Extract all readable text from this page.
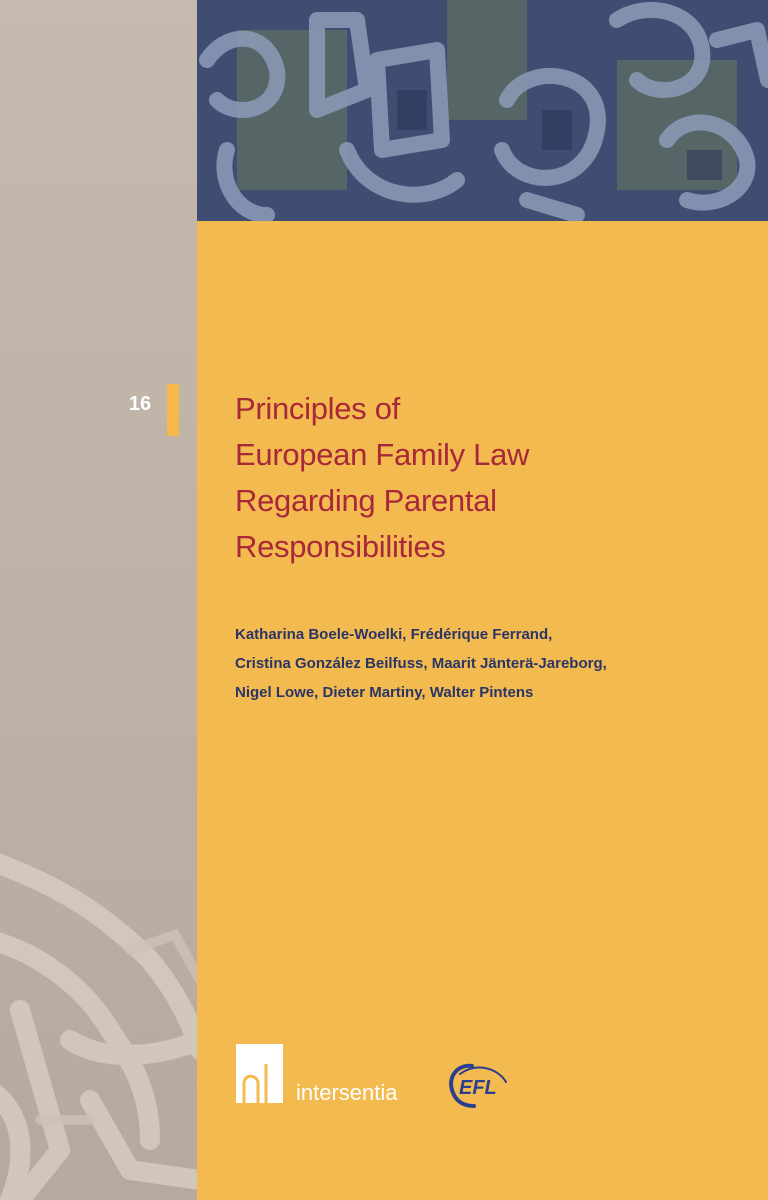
16	Principles of
European Family Law
Regarding Parental
Responsibilities
Katharina Boele-Woelki, Frédérique Ferrand,
Cristina González Beilfuss, Maarit Jänterä-Jareborg,
Nigel Lowe, Dieter Martiny, Walter Pintens
intersentia	EFL
